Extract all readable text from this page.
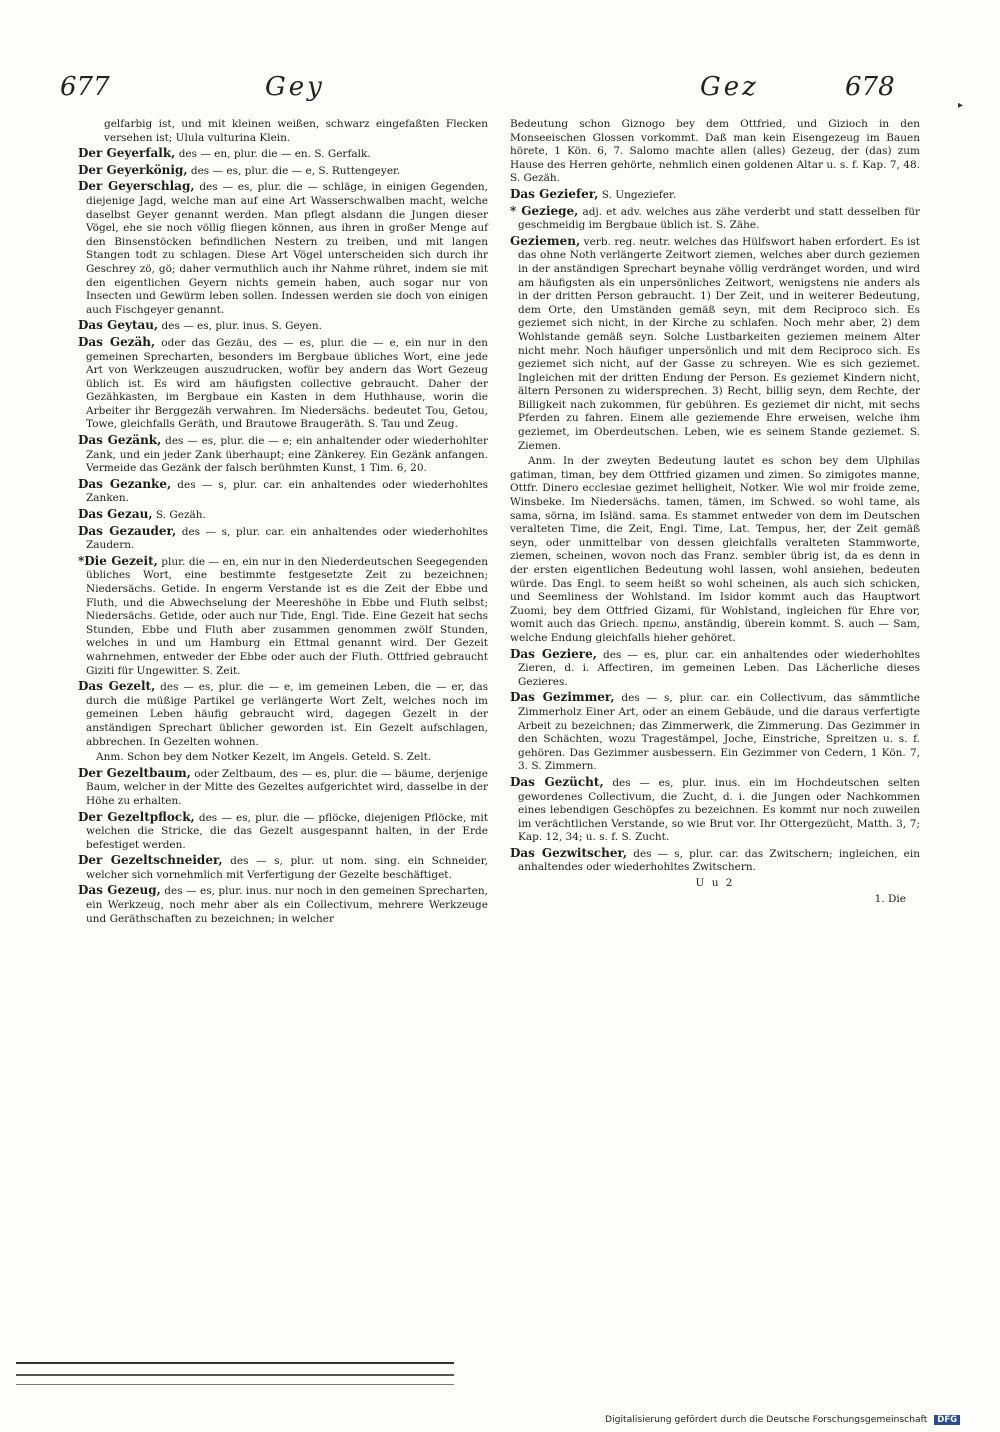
677	Gey	Gez	678
▸

gelfarbig ist, und mit kleinen weißen, schwarz eingefaßten Flecken versehen ist; Ulula vulturina Klein.

Der Geyerfalk, des — en, plur. die — en. S. Gerfalk.

Der Geyerkönig, des — es, plur. die — e, S. Ruttengeyer.

Der Geyerschlag, des — es, plur. die — schläge, in einigen Gegenden, diejenige Jagd, welche man auf eine Art Wasserschwalben macht, welche daselbst Geyer genannt werden. Man pflegt alsdann die Jungen dieser Vögel, ehe sie noch völlig fliegen können, aus ihren in großer Menge auf den Binsenstöcken befindlichen Nestern zu treiben, und mit langen Stangen todt zu schlagen. Diese Art Vögel unterscheiden sich durch ihr Geschrey zö, gö; daher vermuthlich auch ihr Nahme rühret, indem sie mit den eigentlichen Geyern nichts gemein haben, auch sogar nur von Insecten und Gewürm leben sollen. Indessen werden sie doch von einigen auch Fischgeyer genannt.

Das Geytau, des — es, plur. inus. S. Geyen.

Das Gezäh, oder das Gezäu, des — es, plur. die — e, ein nur in den gemeinen Sprecharten, besonders im Bergbaue übliches Wort, eine jede Art von Werkzeugen auszudrucken, wofür bey andern das Wort Gezeug üblich ist. Es wird am häufigsten collective gebraucht. Daher der Gezähkasten, im Bergbaue ein Kasten in dem Huthhause, worin die Arbeiter ihr Berggezäh verwahren. Im Niedersächs. bedeutet Tou, Getou, Towe, gleichfalls Geräth, und Brautowe Braugeräth. S. Tau und Zeug.

Das Gezänk, des — es, plur. die — e; ein anhaltender oder wiederhohlter Zank, und ein jeder Zank überhaupt; eine Zänkerey. Ein Gezänk anfangen. Vermeide das Gezänk der falsch berühmten Kunst, 1 Tim. 6, 20.

Das Gezanke, des — s, plur. car. ein anhaltendes oder wiederhohltes Zanken.

Das Gezau, S. Gezäh.

Das Gezauder, des — s, plur. car. ein anhaltendes oder wiederhohltes Zaudern.

*Die Gezeit, plur. die — en, ein nur in den Niederdeutschen Seegegenden übliches Wort, eine bestimmte festgesetzte Zeit zu bezeichnen; Niedersächs. Getide. In engerm Verstande ist es die Zeit der Ebbe und Fluth, und die Abwechselung der Meereshöhe in Ebbe und Fluth selbst; Niedersächs. Getide, oder auch nur Tide, Engl. Tide. Eine Gezeit hat sechs Stunden, Ebbe und Fluth aber zusammen genommen zwölf Stunden, welches in und um Hamburg ein Ettmal genannt wird. Der Gezeit wahrnehmen, entweder der Ebbe oder auch der Fluth. Ottfried gebraucht Giziti für Ungewitter. S. Zeit.

Das Gezelt, des — es, plur. die — e, im gemeinen Leben, die — er, das durch die müßige Partikel ge verlängerte Wort Zelt, welches noch im gemeinen Leben häufig gebraucht wird, dagegen Gezelt in der anständigen Sprechart üblicher geworden ist. Ein Gezelt aufschlagen, abbrechen. In Gezelten wohnen.

Anm. Schon bey dem Notker Kezelt, im Angels. Geteld. S. Zelt.

Der Gezeltbaum, oder Zeltbaum, des — es, plur. die — bäume, derjenige Baum, welcher in der Mitte des Gezeltes aufgerichtet wird, dasselbe in der Höhe zu erhalten.

Der Gezeltpflock, des — es, plur. die — pflöcke, diejenigen Pflöcke, mit welchen die Stricke, die das Gezelt ausgespannt halten, in der Erde befestiget werden.

Der Gezeltschneider, des — s, plur. ut nom. sing. ein Schneider, welcher sich vornehmlich mit Verfertigung der Gezelte beschäftiget.

Das Gezeug, des — es, plur. inus. nur noch in den gemeinen Sprecharten, ein Werkzeug, noch mehr aber als ein Collectivum, mehrere Werkzeuge und Geräthschaften zu bezeichnen; in welcher

Bedeutung schon Giznogo bey dem Ottfried, und Gizioch in den Monseeischen Glossen vorkommt. Daß man kein Eisengezeug im Bauen hörete, 1 Kön. 6, 7. Salomo machte allen (alles) Gezeug, der (das) zum Hause des Herren gehörte, nehmlich einen goldenen Altar u. s. f. Kap. 7, 48. S. Gezäh.

Das Geziefer, S. Ungeziefer.

* Geziege, adj. et adv. welches aus zähe verderbt und statt desselben für geschmeidig im Bergbaue üblich ist. S. Zähe.

Geziemen, verb. reg. neutr. welches das Hülfswort haben erfordert. Es ist das ohne Noth verlängerte Zeitwort ziemen, welches aber durch geziemen in der anständigen Sprechart beynahe völlig verdränget worden, und wird am häufigsten als ein unpersönliches Zeitwort, wenigstens nie anders als in der dritten Person gebraucht. 1) Der Zeit, und in weiterer Bedeutung, dem Orte, den Umständen gemäß seyn, mit dem Reciproco sich. Es geziemet sich nicht, in der Kirche zu schlafen. Noch mehr aber, 2) dem Wohlstande gemäß seyn. Solche Lustbarkeiten geziemen meinem Alter nicht mehr. Noch häufiger unpersönlich und mit dem Reciproco sich. Es geziemet sich nicht, auf der Gasse zu schreyen. Wie es sich geziemet. Ingleichen mit der dritten Endung der Person. Es geziemet Kindern nicht, ältern Personen zu widersprechen. 3) Recht, billig seyn, dem Rechte, der Billigkeit nach zukommen, für gebühren. Es geziemet dir nicht, mit sechs Pferden zu fahren. Einem alle geziemende Ehre erweisen, welche ihm geziemet, im Oberdeutschen. Leben, wie es seinem Stande geziemet. S. Ziemen.

Anm. In der zweyten Bedeutung lautet es schon bey dem Ulphilas gatiman, timan, bey dem Ottfried gizamen und zimen. So zimigotes manne, Ottfr. Dinero ecclesiae gezimet helligheit, Notker. Wie wol mir froide zeme, Winsbeke. Im Niedersächs. tamen, tämen, im Schwed. so wohl tame, als sama, sörna, im Isländ. sama. Es stammet entweder von dem im Deutschen veralteten Time, die Zeit, Engl. Time, Lat. Tempus, her, der Zeit gemäß seyn, oder unmittelbar von dessen gleichfalls veralteten Stammworte, ziemen, scheinen, wovon noch das Franz. sembler übrig ist, da es denn in der ersten eigentlichen Bedeutung wohl lassen, wohl ansiehen, bedeuten würde. Das Engl. to seem heißt so wohl scheinen, als auch sich schicken, und Seemliness der Wohlstand. Im Isidor kommt auch das Hauptwort Zuomi, bey dem Ottfried Gizami, für Wohlstand, ingleichen für Ehre vor, womit auch das Griech. πρεπω, anständig, überein kommt. S. auch — Sam, welche Endung gleichfalls hieher gehöret.

Das Geziere, des — es, plur. car. ein anhaltendes oder wiederhohltes Zieren, d. i. Affectiren, im gemeinen Leben. Das Lächerliche dieses Gezieres.

Das Gezimmer, des — s, plur. car. ein Collectivum, das sämmtliche Zimmerholz Einer Art, oder an einem Gebäude, und die daraus verfertigte Arbeit zu bezeichnen; das Zimmerwerk, die Zimmerung. Das Gezimmer in den Schächten, wozu Tragestämpel, Joche, Einstriche, Spreitzen u. s. f. gehören. Das Gezimmer ausbessern. Ein Gezimmer von Cedern, 1 Kön. 7, 3. S. Zimmern.

Das Gezücht, des — es, plur. inus. ein im Hochdeutschen selten gewordenes Collectivum, die Zucht, d. i. die Jungen oder Nachkommen eines lebendigen Geschöpfes zu bezeichnen. Es kommt nur noch zuweilen im verächtlichen Verstande, so wie Brut vor. Ihr Ottergezücht, Matth. 3, 7; Kap. 12, 34; u. s. f. S. Zucht.

Das Gezwitscher, des — s, plur. car. das Zwitschern; ingleichen, ein anhaltendes oder wiederhohltes Zwitschern.

U u 2

1. Die

Digitalisierung gefördert durch die Deutsche Forschungsgemeinschaft DFG
